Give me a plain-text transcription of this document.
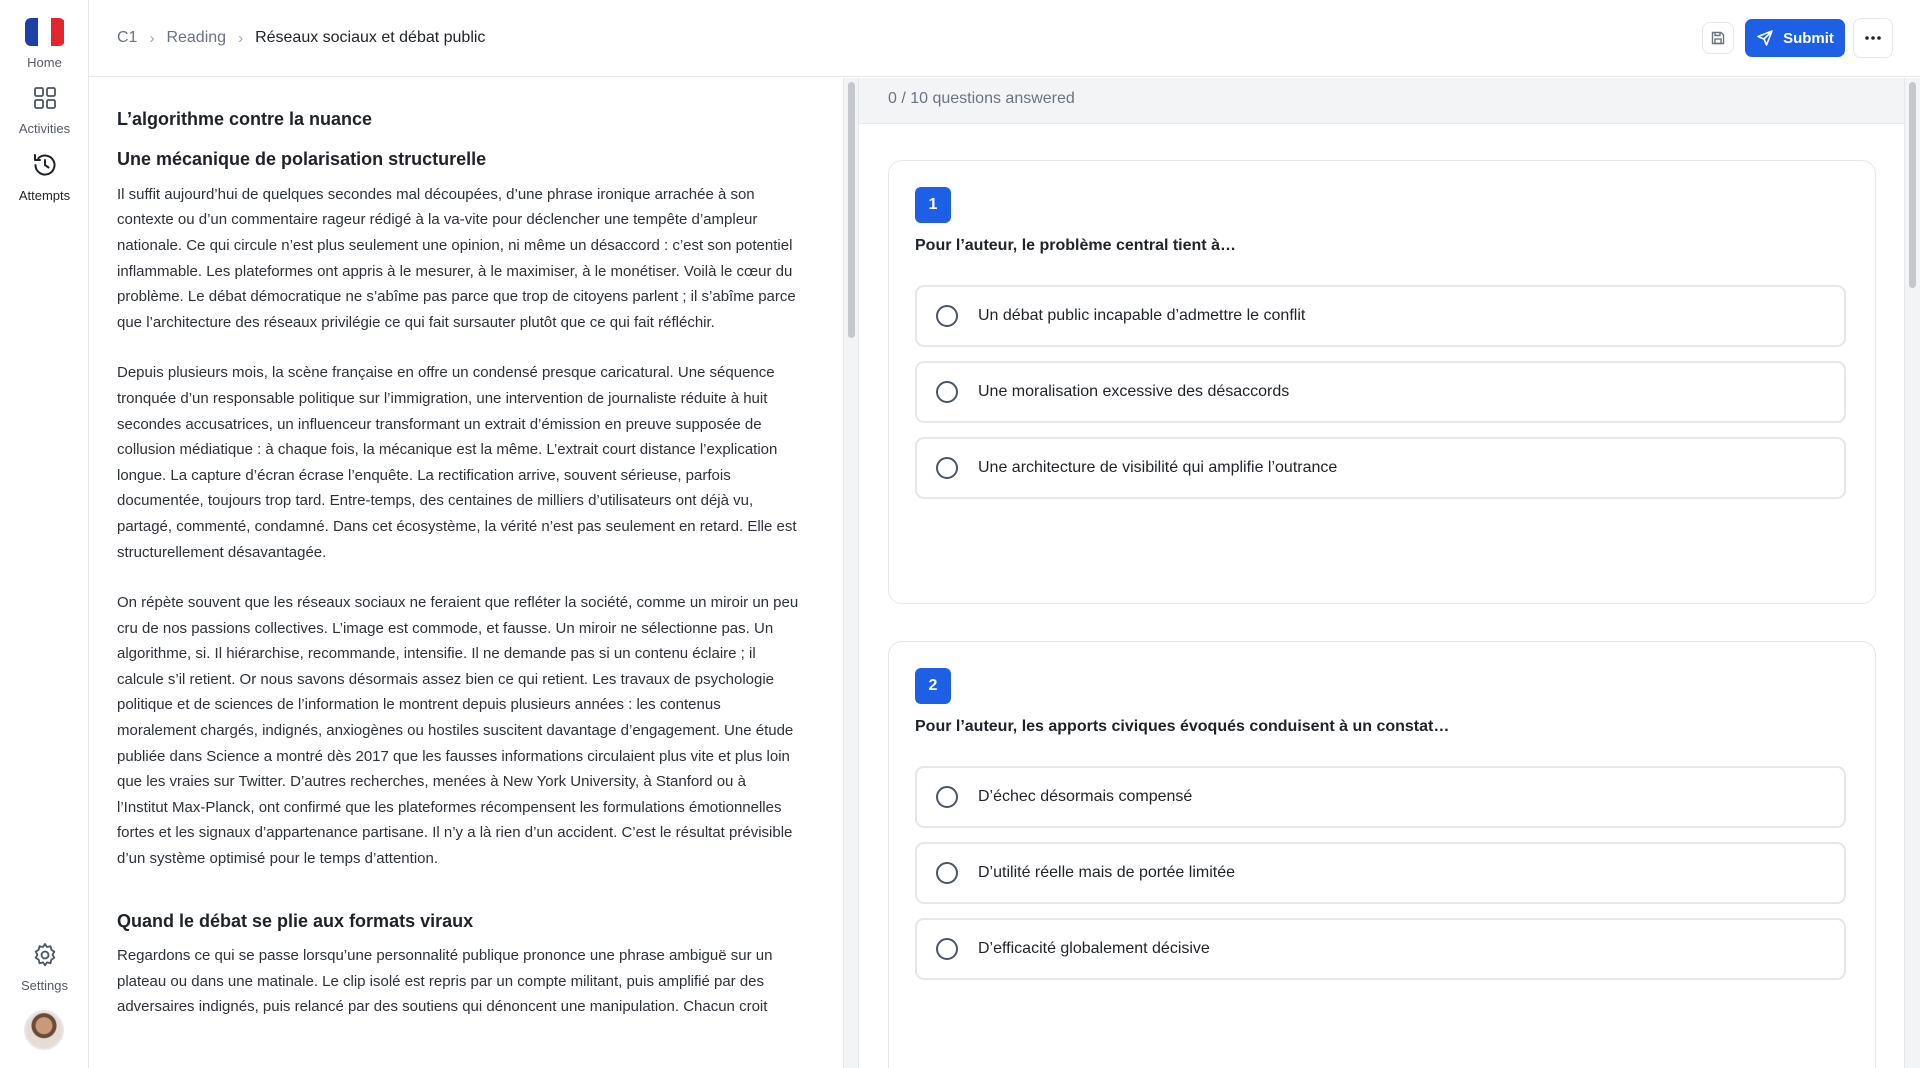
Home
Activities
Attempts
Settings
C1 › Reading › Réseaux sociaux et débat public	Submit
L’algorithme contre la nuance
Une mécanique de polarisation structurelle

Il suffit aujourd’hui de quelques secondes mal découpées, d’une phrase ironique arrachée à son contexte ou d’un commentaire rageur rédigé à la va-vite pour déclencher une tempête d’ampleur nationale. Ce qui circule n’est plus seulement une opinion, ni même un désaccord : c’est son potentiel inflammable. Les plateformes ont appris à le mesurer, à le maximiser, à le monétiser. Voilà le cœur du problème. Le débat démocratique ne s’abîme pas parce que trop de citoyens parlent ; il s’abîme parce que l’architecture des réseaux privilégie ce qui fait sursauter plutôt que ce qui fait réfléchir.

Depuis plusieurs mois, la scène française en offre un condensé presque caricatural. Une séquence tronquée d’un responsable politique sur l’immigration, une intervention de journaliste réduite à huit secondes accusatrices, un influenceur transformant un extrait d’émission en preuve supposée de collusion médiatique : à chaque fois, la mécanique est la même. L’extrait court distance l’explication longue. La capture d’écran écrase l’enquête. La rectification arrive, souvent sérieuse, parfois documentée, toujours trop tard. Entre-temps, des centaines de milliers d’utilisateurs ont déjà vu, partagé, commenté, condamné. Dans cet écosystème, la vérité n’est pas seulement en retard. Elle est structurellement désavantagée.

On répète souvent que les réseaux sociaux ne feraient que refléter la société, comme un miroir un peu cru de nos passions collectives. L’image est commode, et fausse. Un miroir ne sélectionne pas. Un algorithme, si. Il hiérarchise, recommande, intensifie. Il ne demande pas si un contenu éclaire ; il calcule s’il retient. Or nous savons désormais assez bien ce qui retient. Les travaux de psychologie politique et de sciences de l’information le montrent depuis plusieurs années : les contenus moralement chargés, indignés, anxiogènes ou hostiles suscitent davantage d’engagement. Une étude publiée dans Science a montré dès 2017 que les fausses informations circulaient plus vite et plus loin que les vraies sur Twitter. D’autres recherches, menées à New York University, à Stanford ou à l’Institut Max-Planck, ont confirmé que les plateformes récompensent les formulations émotionnelles fortes et les signaux d’appartenance partisane. Il n’y a là rien d’un accident. C’est le résultat prévisible d’un système optimisé pour le temps d’attention.

Quand le débat se plie aux formats viraux

Regardons ce qui se passe lorsqu’une personnalité publique prononce une phrase ambiguë sur un plateau ou dans une matinale. Le clip isolé est repris par un compte militant, puis amplifié par des adversaires indignés, puis relancé par des soutiens qui dénoncent une manipulation. Chacun croit

0 / 10 questions answered
1
Pour l’auteur, le problème central tient à…
Un débat public incapable d’admettre le conflit
Une moralisation excessive des désaccords
Une architecture de visibilité qui amplifie l’outrance
2
Pour l’auteur, les apports civiques évoqués conduisent à un constat…
D’échec désormais compensé
D’utilité réelle mais de portée limitée
D’efficacité globalement décisive
